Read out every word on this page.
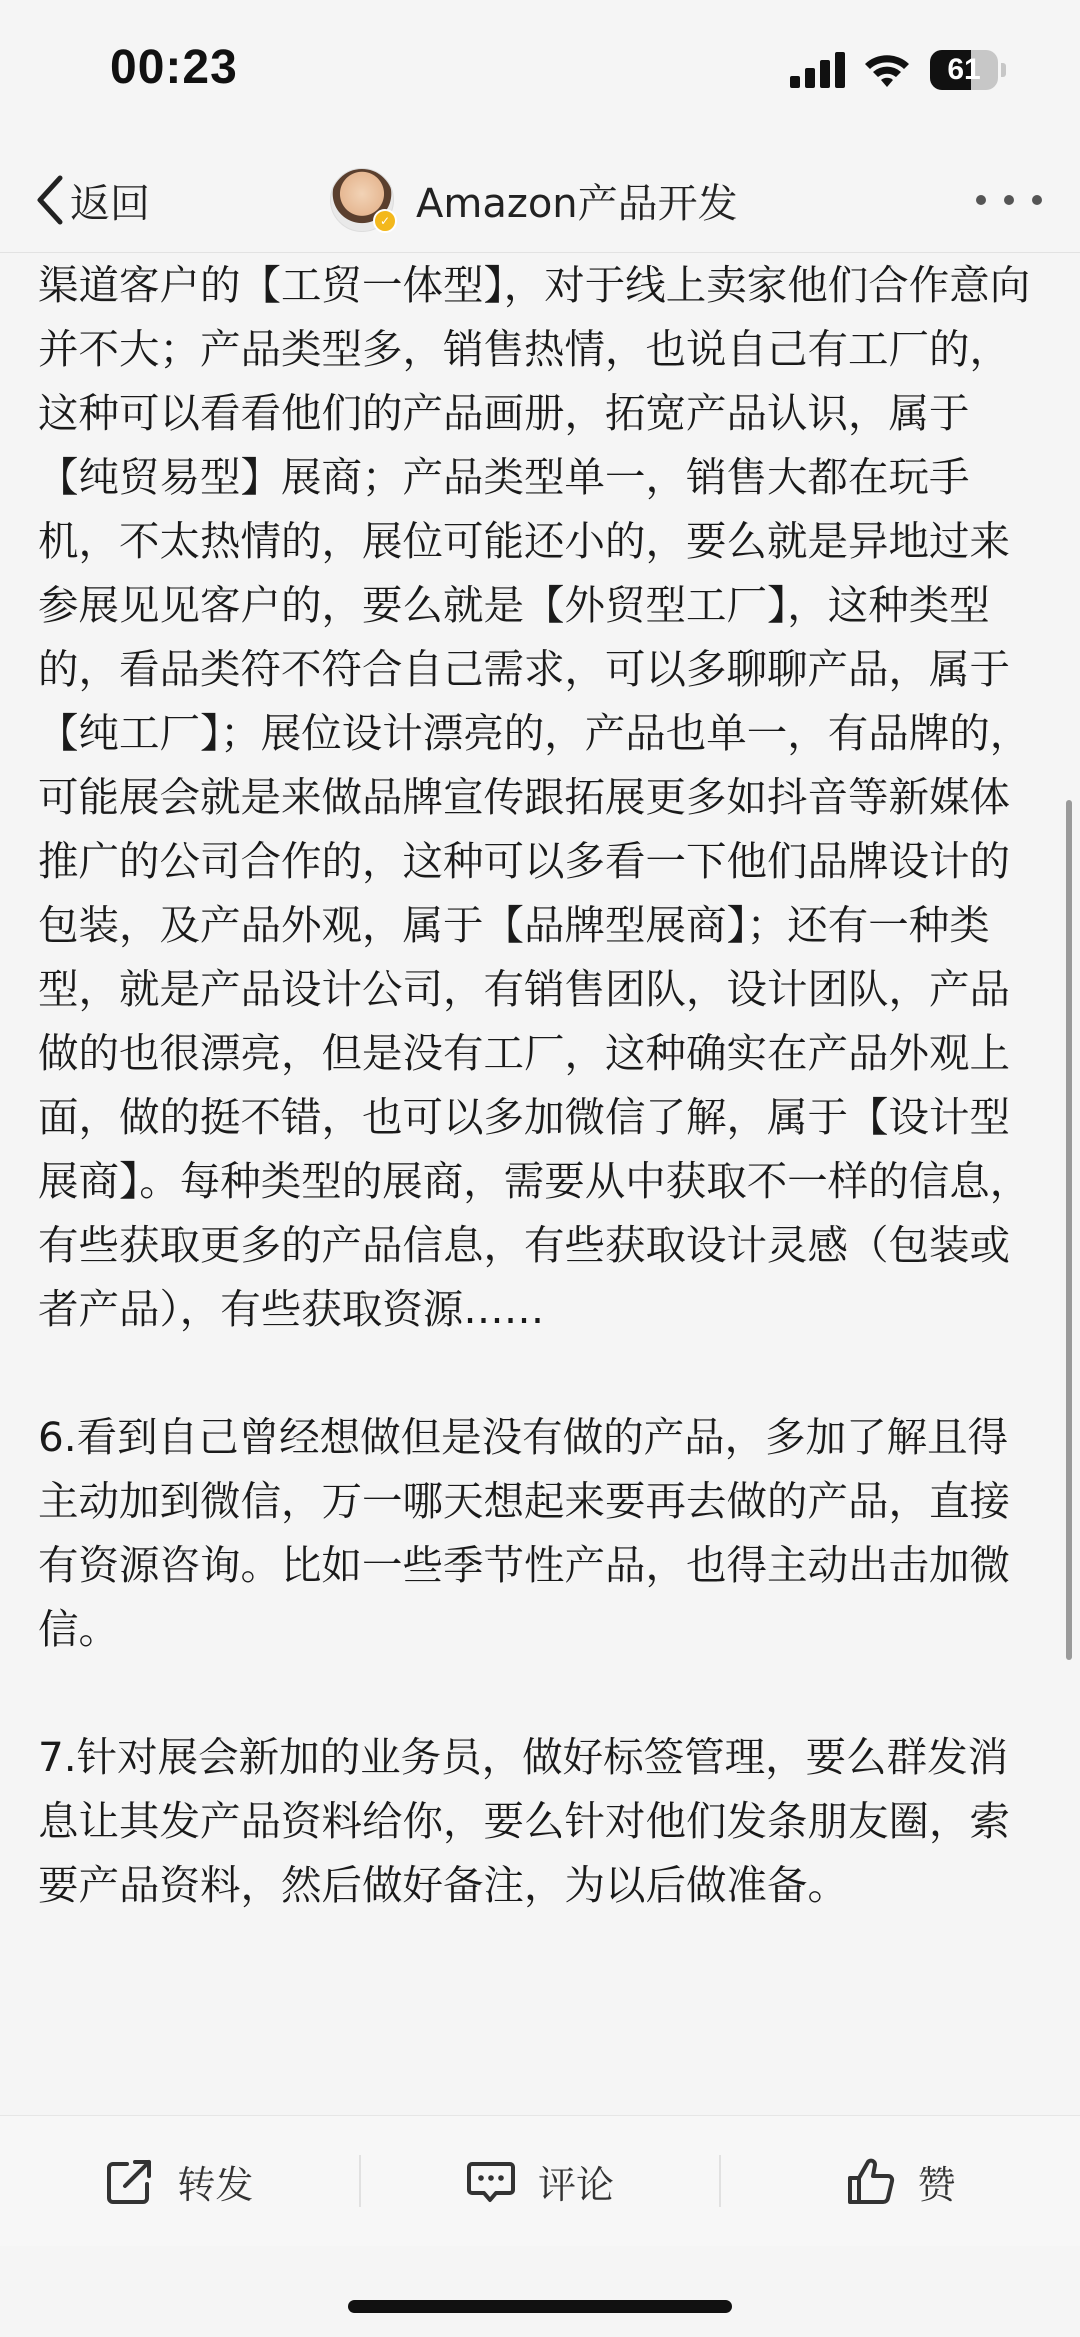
00:23	61
返回	✓ Amazon产品开发

渠道客户的【工贸一体型】，对于线上卖家他们合作意向并不大；产品类型多，销售热情，也说自己有工厂的，这种可以看看他们的产品画册，拓宽产品认识，属于【纯贸易型】展商；产品类型单一，销售大都在玩手机，不太热情的，展位可能还小的，要么就是异地过来参展见见客户的，要么就是【外贸型工厂】，这种类型的，看品类符不符合自己需求，可以多聊聊产品，属于【纯工厂】；展位设计漂亮的，产品也单一，有品牌的，可能展会就是来做品牌宣传跟拓展更多如抖音等新媒体推广的公司合作的，这种可以多看一下他们品牌设计的包装，及产品外观，属于【品牌型展商】；还有一种类型，就是产品设计公司，有销售团队，设计团队，产品做的也很漂亮，但是没有工厂，这种确实在产品外观上面，做的挺不错，也可以多加微信了解，属于【设计型展商】。每种类型的展商，需要从中获取不一样的信息，有些获取更多的产品信息，有些获取设计灵感（包装或者产品），有些获取资源……

6.看到自己曾经想做但是没有做的产品，多加了解且得主动加到微信，万一哪天想起来要再去做的产品，直接有资源咨询。比如一些季节性产品，也得主动出击加微信。

7.针对展会新加的业务员，做好标签管理，要么群发消息让其发产品资料给你，要么针对他们发条朋友圈，索要产品资料，然后做好备注，为以后做准备。

转发	评论	赞
